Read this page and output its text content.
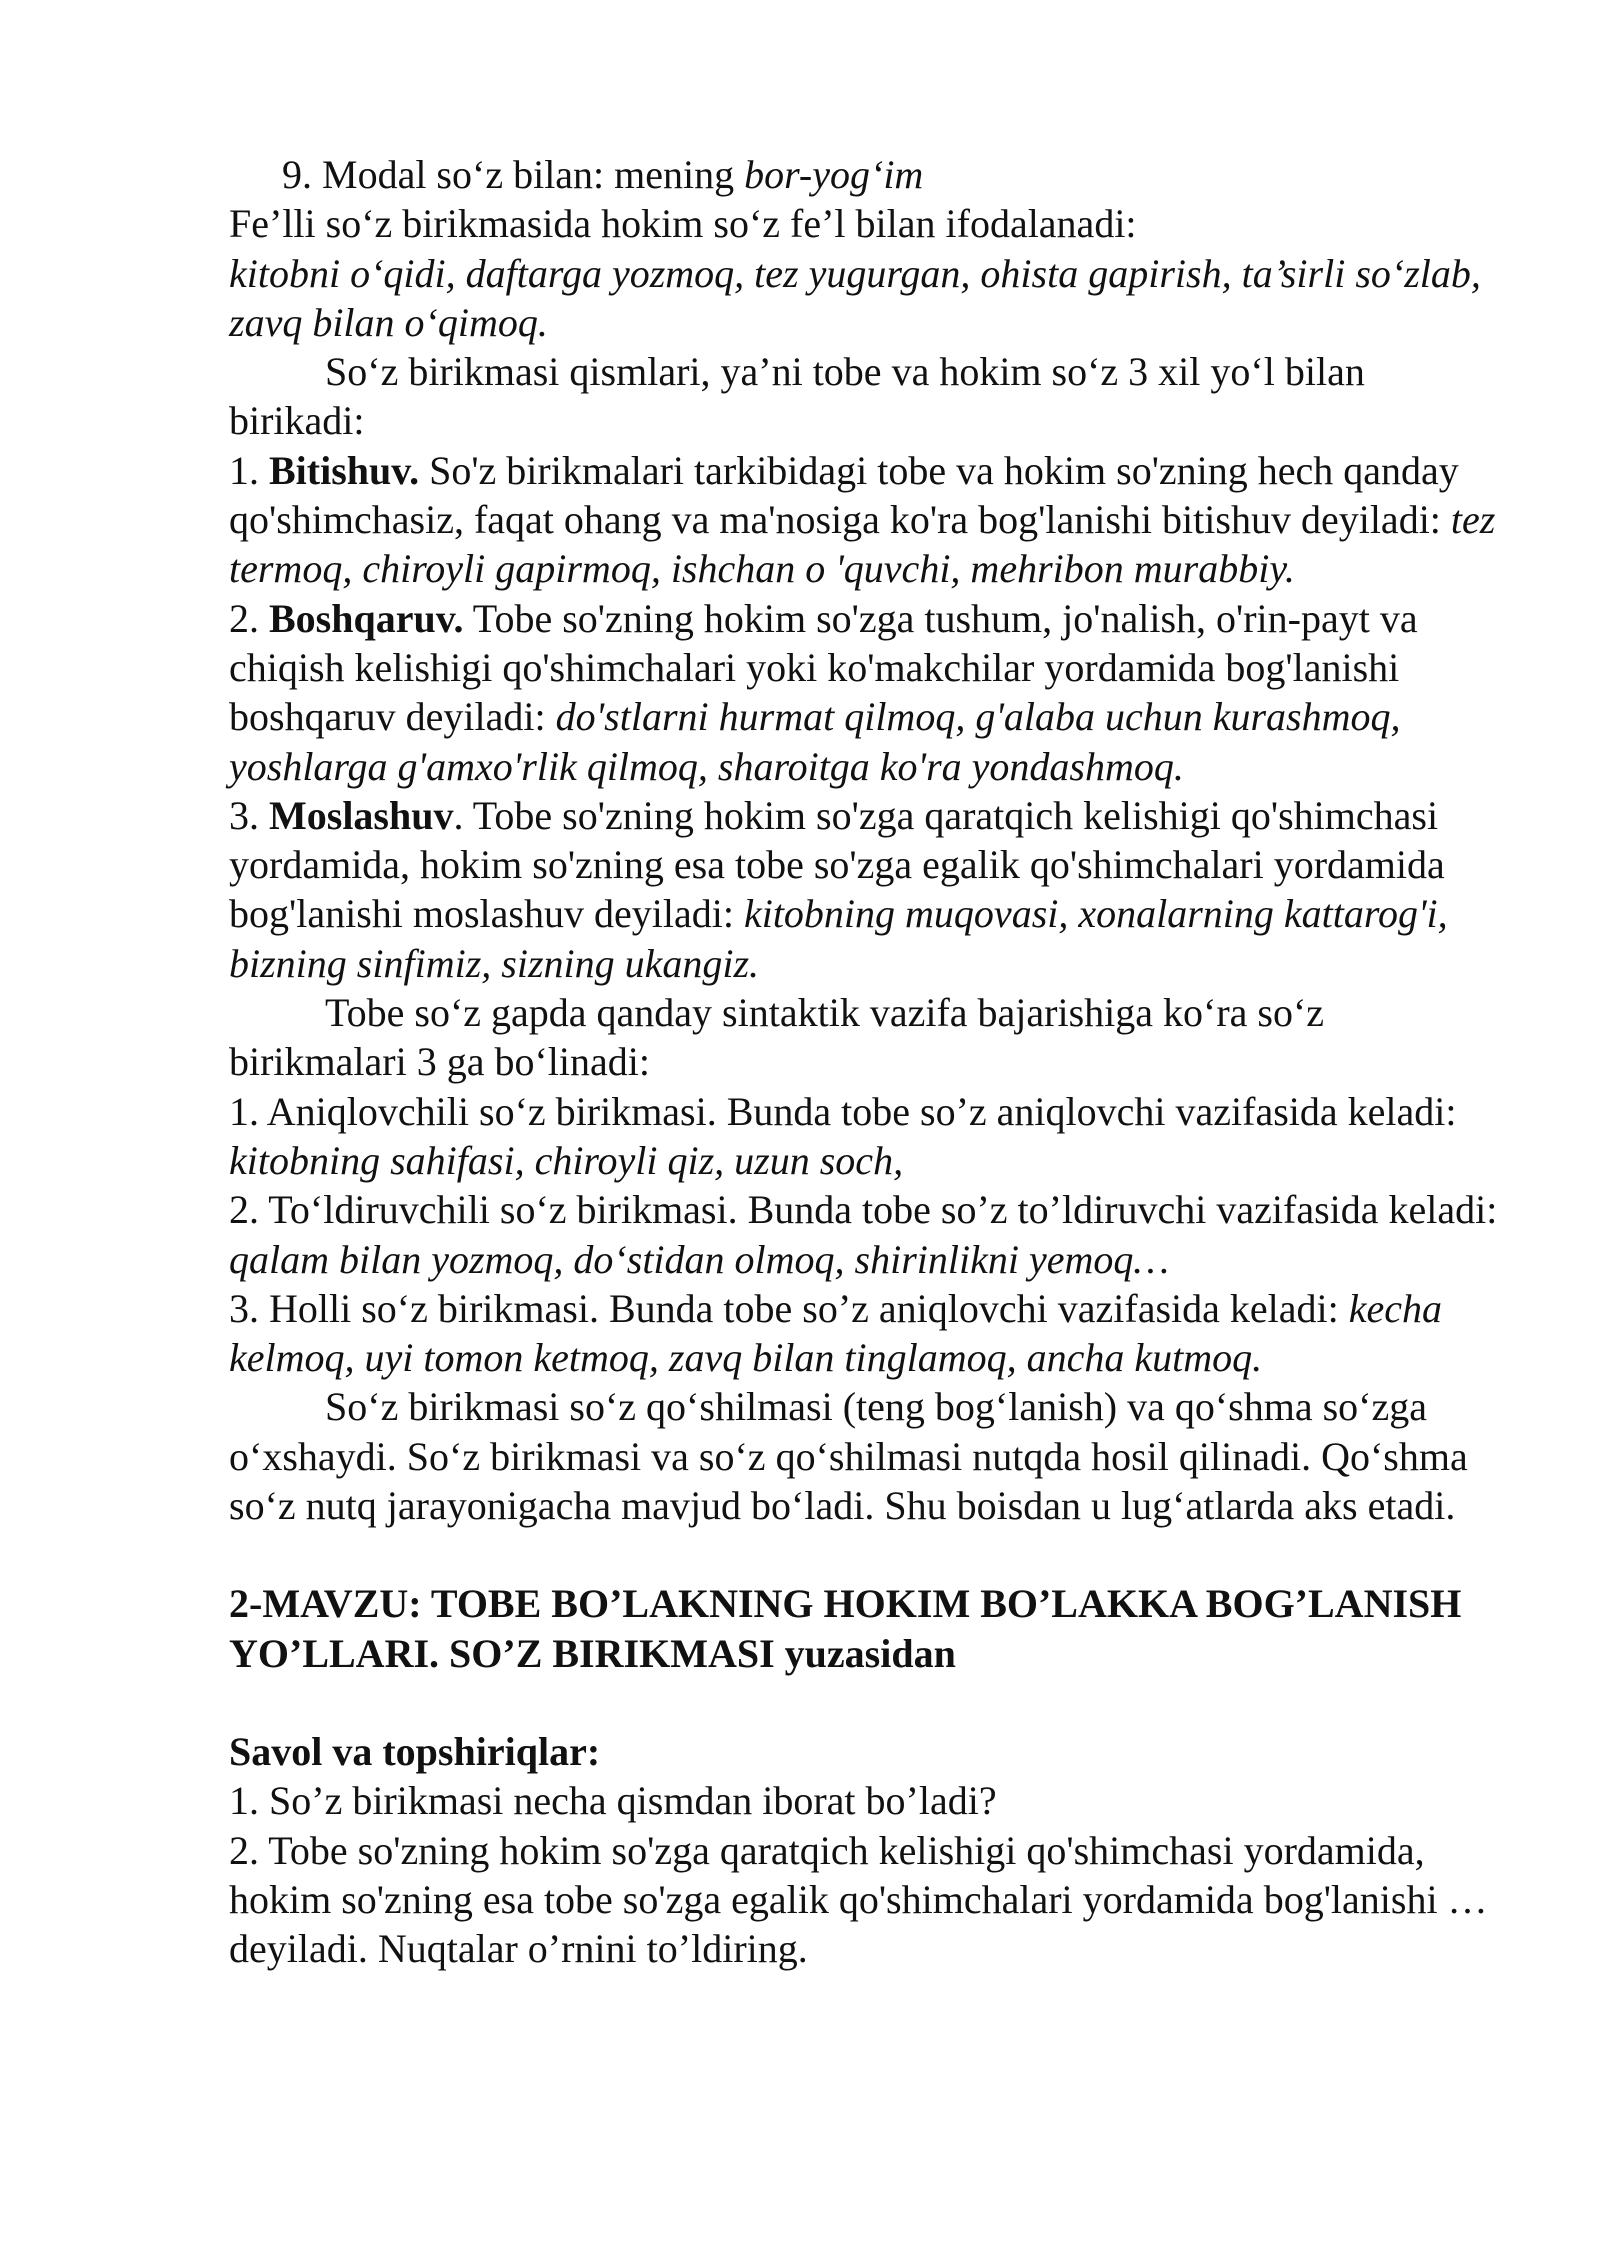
9. Modal so‘z bilan: mening bor-yog‘im

Fe’lli so‘z birikmasida hokim so‘z fe’l bilan ifodalanadi:

kitobni o‘qidi, daftarga yozmoq, tez yugurgan, ohista gapirish, ta’sirli so‘zlab, zavq bilan o‘qimoq.

So‘z birikmasi qismlari, ya’ni tobe va hokim so‘z 3 xil yo‘l bilan birikadi:

1. Bitishuv. So'z birikmalari tarkibidagi tobe va hokim so'zning hech qanday qo'shimchasiz, faqat ohang va ma'nosiga ko'ra bog'lanishi bitishuv deyiladi: tez termoq, chiroyli gapirmoq, ishchan o 'quvchi, mehribon murabbiy.

2. Boshqaruv. Tobe so'zning hokim so'zga tushum, jo'nalish, o'rin-payt va chiqish kelishigi qo'shimchalari yoki ko'makchilar yordamida bog'lanishi boshqaruv deyiladi: do'stlarni hurmat qilmoq, g'alaba uchun kurashmoq, yoshlarga g'amxo'rlik qilmoq, sharoitga ko'ra yondashmoq.

3. Moslashuv. Tobe so'zning hokim so'zga qaratqich kelishigi qo'shimchasi yordamida, hokim so'zning esa tobe so'zga egalik qo'shimchalari yordamida bog'lanishi moslashuv deyiladi: kitobning muqovasi, xonalarning kattarog'i, bizning sinfimiz, sizning ukangiz.

Tobe so‘z gapda qanday sintaktik vazifa bajarishiga ko‘ra so‘z birikmalari 3 ga bo‘linadi:

1. Aniqlovchili so‘z birikmasi. Bunda tobe so’z aniqlovchi vazifasida keladi: kitobning sahifasi, chiroyli qiz, uzun soch,

2. To‘ldiruvchili so‘z birikmasi. Bunda tobe so’z to’ldiruvchi vazifasida keladi: qalam bilan yozmoq, do‘stidan olmoq, shirinlikni yemoq…

3. Holli so‘z birikmasi. Bunda tobe so’z aniqlovchi vazifasida keladi: kecha kelmoq, uyi tomon ketmoq, zavq bilan tinglamoq, ancha kutmoq.

So‘z birikmasi so‘z qo‘shilmasi (teng bog‘lanish) va qo‘shma so‘zga o‘xshaydi. So‘z birikmasi va so‘z qo‘shilmasi nutqda hosil qilinadi. Qo‘shma so‘z nutq jarayonigacha mavjud bo‘ladi. Shu boisdan u lug‘atlarda aks etadi.

2-MAVZU: TOBE BO’LAKNING HOKIM BO’LAKKA BOG’LANISH YO’LLARI. SO’Z BIRIKMASI yuzasidan

Savol va topshiriqlar:

1. So’z birikmasi necha qismdan iborat bo’ladi?

2. Tobe so'zning hokim so'zga qaratqich kelishigi qo'shimchasi yordamida, hokim so'zning esa tobe so'zga egalik qo'shimchalari yordamida bog'lanishi … deyiladi. Nuqtalar o’rnini to’ldiring.
